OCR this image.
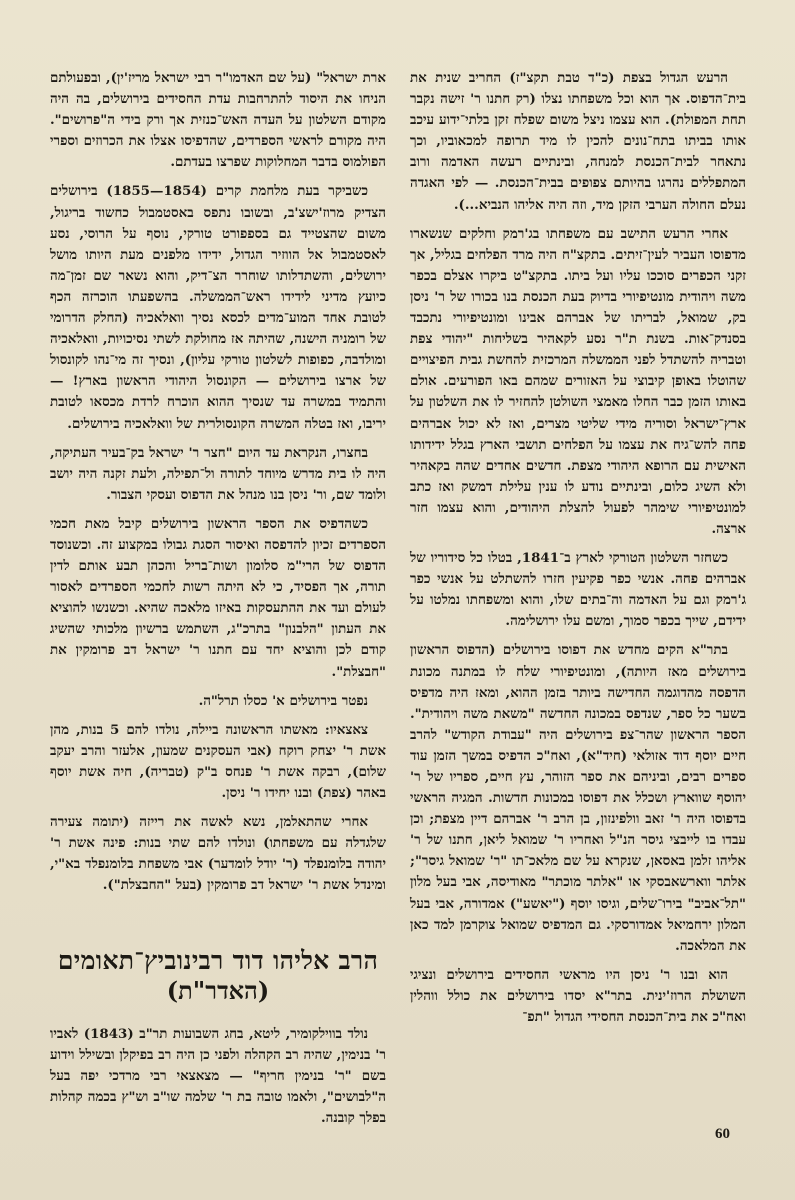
הרעש הגדול בצפת (כ"ד טבת תקצ"ז) החריב שנית את בית־הדפוס. אך הוא וכל משפחתו נצלו (רק חתנו ר' זישה נקבר תחת המפולת). הוא עצמו ניצל משום שפלח זקן בלתי־ידוע עיכב אותו בביתו בתח־נונים להכין לו מיד תרופה למכאוביו, וכך נתאחר לבית־הכנסת למנחה, ובינתיים רעשה האדמה ורוב המתפללים נהרגו בהיותם צפופים בבית־הכנסת. — לפי האגדה נעלם החולה הערבי הזקן מיד, וזה היה אליהו הנביא...).

אחרי הרעש התישב עם משפחתו בג'רמק וחלקים שנשארו מדפוסו העביר לעין־זיתים. בתקצ"ח היה מרד הפלחים בגליל, אך זקני הכפרים סוככו עליו ועל ביתו. בתקצ"ט ביקרו אצלם בכפר משה ויהודית מונטיפיורי בדיוק בעת הכנסת בנו בכורו של ר' ניסן בק, שמואל, לבריתו של אברהם אבינו ומונטיפיורי נתכבד בסנדק־אות. בשנת ת"ר נסע לקאהיר בשליחות "יהודי צפת וטבריה להשתדל לפני הממשלה המרכזית להחשת גבית הפיצויים שהוטלו באופן קיבוצי על האזורים שמהם באו הפורעים. אולם באותו הזמן כבר החלו מאמצי השולטן להחזיר לו את השלטון על ארץ־ישראל וסוריה מידי שליטי מצרים, ואז לא יכול אברהים פחה להש־גיח את עצמו על הפלחים תושבי הארץ בגלל ידידותו האישית עם הרופא היהודי מצפת. חדשים אחדים שהה בקאהיר ולא השיג כלום, ובינתיים נודע לו ענין עלילת דמשק ואז כתב למונטיפיורי שימהר לפעול להצלת היהודים, והוא עצמו חזר ארצה.

כשחזר השלטון הטורקי לארץ ב־1841, בטלו כל סידוריו של אברהים פחה. אנשי כפר פקיעין חזרו להשתלט על אנשי כפר ג'רמק וגם על האדמה וה־בתים שלו, והוא ומשפחתו נמלטו על ידידם, שייך בכפר סמוך, ומשם עלו ירושלימה.

בתר"א הקים מחדש את דפוסו בירושלים (הדפוס הראשון בירושלים מאז היותה), ומונטיפיורי שלח לו במתנה מכונת הדפסה מהדוגמה החדישה ביותר בזמן ההוא, ומאז היה מדפיס בשער כל ספר, שנדפס במכונה החדשה "משאת משה ויהודית". הספר הראשון שהר־צפ בירושלים היה "עבודת הקודש" להרב חיים יוסף דוד אזולאי (חיד"א), ואח"כ הדפיס במשך הזמן עוד ספרים רבים, וביניהם את ספר הזוהר, עץ חיים, ספריו של ר' יהוסף שווארץ ושכלל את דפוסו במכונות חדשות. המגיה הראשי בדפוסו היה ר' זאב וולפינזון, בן הרב ר' אברהם דיין מצפת; וכן עבדו בו לייבצי גיסר הנ"ל ואחריו ר' שמואל ליאן, חתנו של ר' אליהו זלמן באסאן, שנקרא על שם מלאכ־תו "ר' שמואל גיסר"; אלתר ווארשאבסקי או "אלתר מוכתר" מאודיסה, אבי בעל מלון "תל־אביב" בירו־שלים, וגיסו יוסף ("יאשע") אמדורה, אבי בעל המלון ירחמיאל אמדורסקי. גם המדפיס שמואל צוקרמן למד כאן את המלאכה.

הוא ובנו ר' ניסן היו מראשי החסידים בירושלים ונציגי השושלת הרוז'ינית. בתר"א יסדו בירושלים את כולל ווהלין ואח"כ את בית־הכנסת החסידי הגדול "תפ־

ארת ישראל" (על שם האדמו"ר רבי ישראל מריז'ין), ובפעולתם הניחו את היסוד להתרחבות עדת החסידים בירושלים, בה היה מקודם השלטון על העדה האש־כנזית אך ורק בידי ה"פרושים". היה מקורם לראשי הספרדים, שהדפיסו אצלו את הכרוזים וספרי הפולמוס בדבר המחלוקות שפרצו בעדתם.

כשביקר בעת מלחמת קרים (1854—1855) בירושלים הצדיק מרוז'ישצ'ב, ובשובו נתפס באסטמבול כחשוד בריגול, משום שהצטייד גם בספפורט טורקי, נוסף על הרוסי, נסע לאסטמבול אל הווזיר הגדול, ידידו מלפנים מעת היותו מושל ירושלים, והשתדלותו שוחרר הצ־דיק, והוא נשאר שם זמן־מה כיועץ מדיני לידידו ראש־הממשלה. בהשפעתו הוכרזה הכף לטובת אחד המוע־מדים לכסא נסיך וואלאכיה (החלק הדרומי של רומניה הישנה, שהיתה אז מחולקת לשתי נסיכויות, וואלאכיה ומולדבה, כפופות לשלטון טורקי עליון), ונסיך זה מי־נהו לקונסול של ארצו בירושלים — הקונסול היהודי הראשון בארץ! — והתמיד במשרה עד שנסיך ההוא הוכרח לרדת מכסאו לטובת יריבו, ואז בטלה המשרה הקונסולרית של וואלאכיה בירושלים.

בחצרו, הנקראת עד היום "חצר ר' ישראל בק־בעיר העתיקה, היה לו בית מדרש מיוחד לתורה ול־תפילה, ולעת זקנה היה יושב ולומד שם, ור' ניסן בנו מנהל את הדפוס ועסקי הצבור.

כשהדפיס את הספר הראשון בירושלים קיבל מאת חכמי הספרדים זכיון להדפסה ואיסור הסגת גבולו במקצוע זה. וכשנוסד הדפוס של הרי"מ סלומון ושות־בריל והכהן תבע אותם לדין תורה, אך הפסיד, כי לא היתה רשות לחכמי הספרדים לאסור לעולם ועד את ההתעסקות באיזו מלאכה שהיא. וכשנשו להוציא את העתון "הלבנון" בתרכ"ג, השתמש ברשיון מלכותי שהשיג קודם לכן והוציא יחד עם חתנו ר' ישראל דב פרומקין את "חבצלת".

נפטר בירושלים א' כסלו תרל"ה.

צאצאיו: מאשתו הראשונה ביילה, נולדו להם 5 בנות, מהן אשת ר' יצחק רוקח (אבי העסקנים שמעון, אלעזר והרב יעקב שלום), רבקה אשת ר' פנחס ב"ק (טבריה), חיה אשת יוסף באהר (צפת) ובנו יחידו ר' ניסן.

אחרי שהתאלמן, נשא לאשה את רייזה (יתומה צעירה שלגדלה עם משפחתו) ונולדו להם שתי בנות: פינה אשת ר' יהודה בלומנפלד (ר' יודל לומדער) אבי משפחת בלומנפלד בא"י, ומינדל אשת ר' ישראל דב פרומקין (בעל "החבצלת").

הרב אליהו דוד רבינוביץ־תאומים
(האדר"ת)

נולד בווילקומיר, ליטא, בחג השבועות תר"ב (1843) לאביו ר' בנימין, שהיה רב הקהלה ולפני כן היה רב בפיקלן ובשילל וידוע בשם "ר' בנימין חריף" — מצאצאי רבי מרדכי יפה בעל ה"לבושים", ולאמו טובה בת ר' שלמה שו"ב וש"ץ בכמה קהלות בפלך קובנה.

60
